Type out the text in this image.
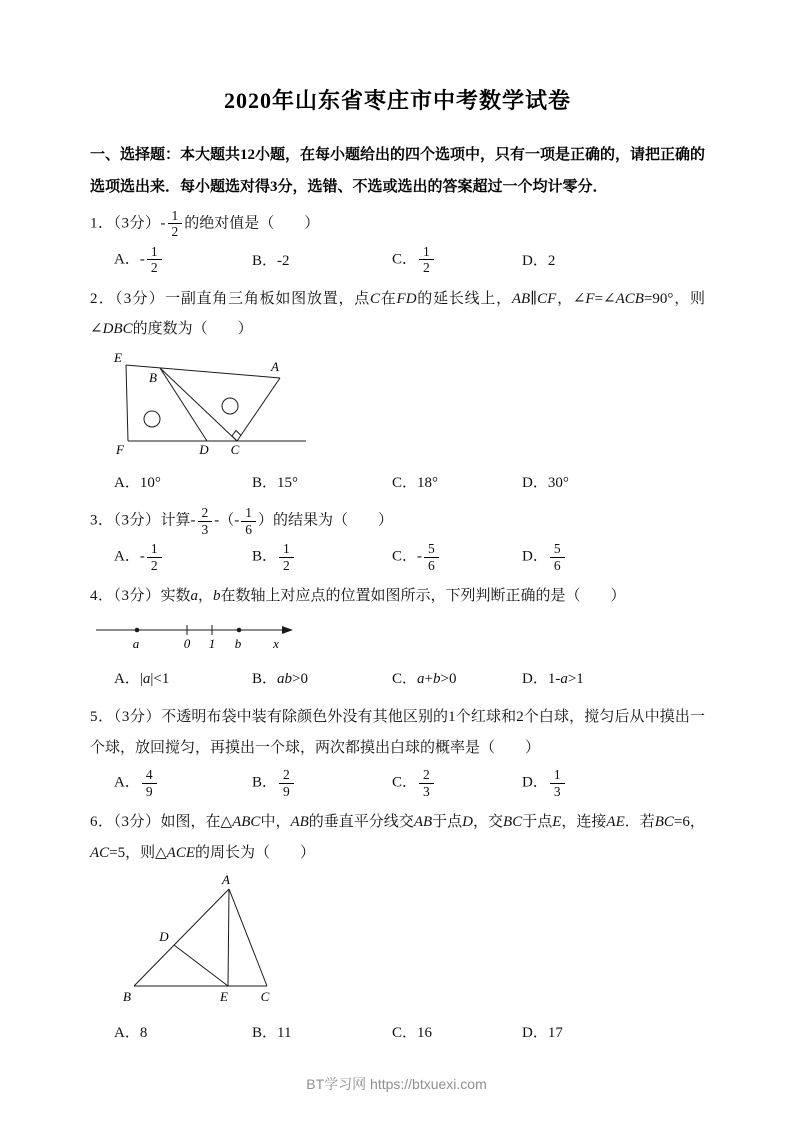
2020年山东省枣庄市中考数学试卷

一、选择题：本大题共12小题，在每小题给出的四个选项中，只有一项是正确的，请把正确的选项选出来．每小题选对得3分，选错、不选或选出的答案超过一个均计零分．

1．（3分）- $\frac{1}{2}$ 的绝对值是（　　）
A．- $\frac{1}{2}$	B．-2	C． $\frac{1}{2}$	D．2
2．（3分）一副直角三角板如图放置，点C在FD的延长线上，AB∥CF，∠F=∠ACB=90°，则∠DBC的度数为（　　）
E
B
A
F	D C
A．10°	B．15°	C．18°	D．30°
3．（3分）计算- $\frac{2}{3}$ -（- $\frac{1}{6}$ ）的结果为（　　）
A．- $\frac{1}{2}$	B． $\frac{1}{2}$	C．- $\frac{5}{6}$	D． $\frac{5}{6}$
4．（3分）实数a，b在数轴上对应点的位置如图所示，下列判断正确的是（　　）
a	0 1 b x
A．|a|<1	B．ab>0	C．a+b>0	D．1-a>1
5．（3分）不透明布袋中装有除颜色外没有其他区别的1个红球和2个白球，搅匀后从中摸出一个球，放回搅匀，再摸出一个球，两次都摸出白球的概率是（　　）
A． $\frac{4}{9}$	B． $\frac{2}{9}$	C． $\frac{2}{3}$	D． $\frac{1}{3}$
6．（3分）如图，在△ABC中，AB的垂直平分线交AB于点D，交BC于点E，连接AE．若BC=6，AC=5，则△ACE的周长为（　　）
A
D
B	E	C
A．8	B．11	C．16	D．17
BT学习网 https://btxuexi.com
